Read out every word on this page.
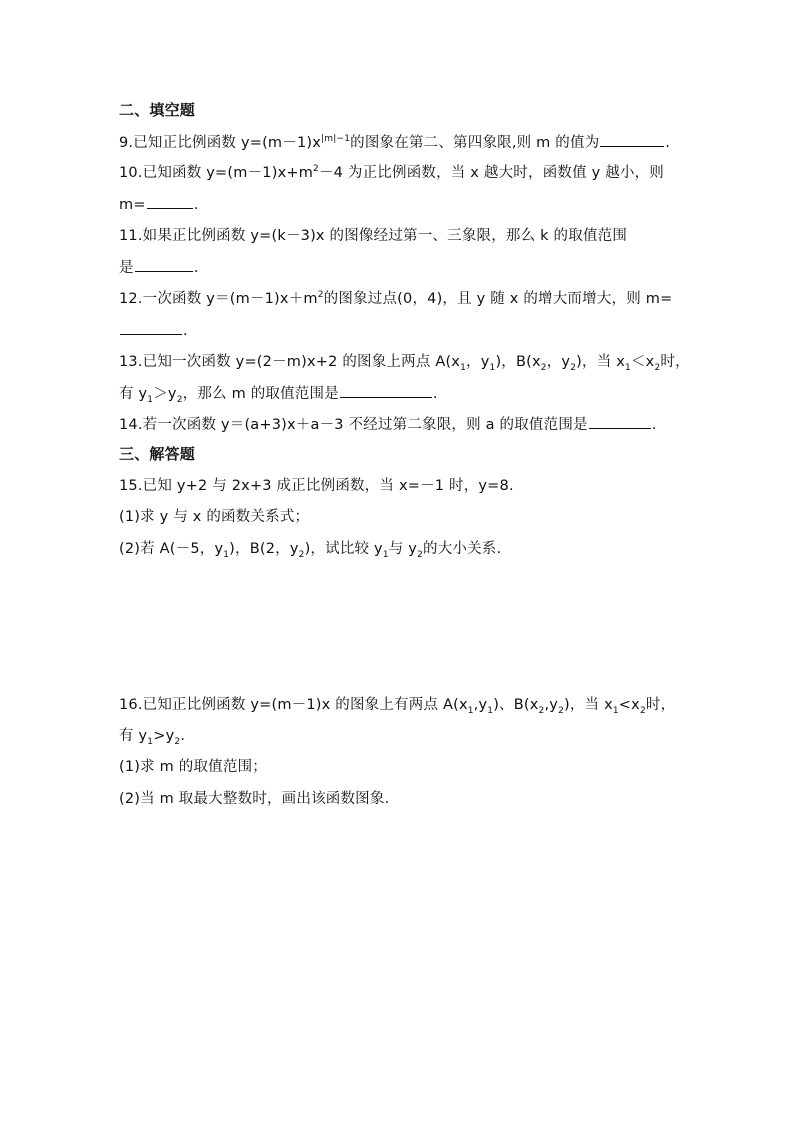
二、填空题
9.已知正比例函数 $y=(m-1)x^{|m|-1}$的图象在第二、第四象限,则 m 的值为	.
10.已知函数 $y=(m-1)x+m^2-4$ 为正比例函数，当 x 越大时，函数值 y 越小，则
m=	.
11.如果正比例函数 y=(k－3)x 的图像经过第一、三象限，那么 k 的取值范围
是	.
12.一次函数 $y=(m-1)x+m^2$的图象过点(0，4)，且 y 随 x 的增大而增大，则 m=
.
13.已知一次函数 y=(2－m)x+2 的图象上两点 $A(x_1$，$y_1$)，$B(x_2$，$y_2$)，当 $x_1<x_2$时，
有 $y_1>y_2$，那么 m 的取值范围是	.
14.若一次函数 y＝(a+3)x＋a－3 不经过第二象限，则 a 的取值范围是	.
三、解答题
15.已知 y+2 与 2x+3 成正比例函数，当 x=－1 时，y=8.
(1)求 y 与 x 的函数关系式；
(2)若 A(－5，$y_1$)，B(2，$y_2$)，试比较 $y_1$与 $y_2$的大小关系.
16.已知正比例函数 y=(m－1)x 的图象上有两点 $A(x_1,y_1)$、$B(x_2,y_2)$，当 $x_1<x_2$时，
有 $y_1>y_2$.
(1)求 m 的取值范围；
(2)当 m 取最大整数时，画出该函数图象.
